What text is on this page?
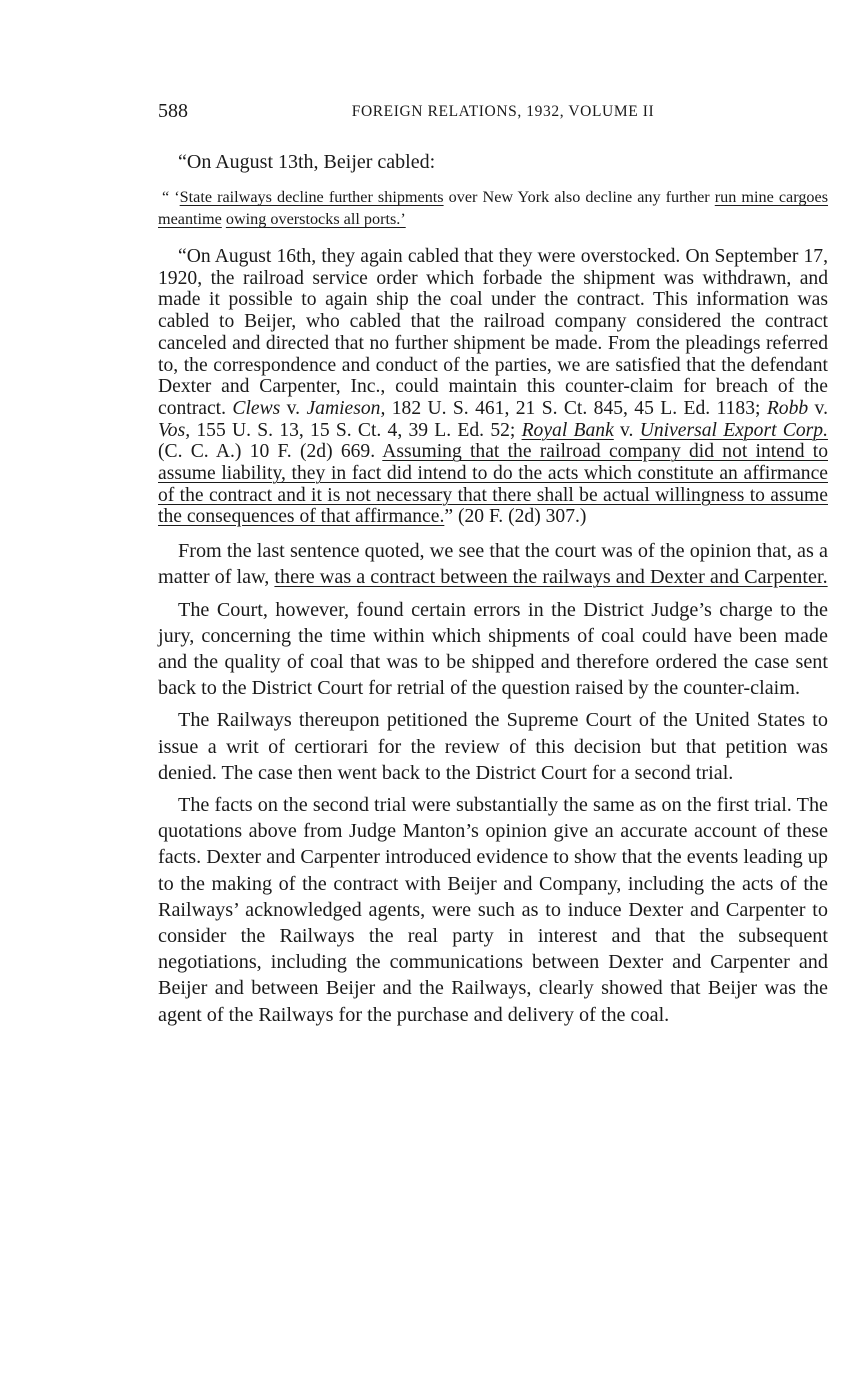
588	FOREIGN RELATIONS, 1932, VOLUME II

“On August 13th, Beijer cabled:

“ ‘State railways decline further shipments over New York also decline any further run mine cargoes meantime owing overstocks all ports.’

“On August 16th, they again cabled that they were overstocked. On September 17, 1920, the railroad service order which forbade the shipment was withdrawn, and made it possible to again ship the coal under the contract. This information was cabled to Beijer, who cabled that the railroad company considered the contract canceled and directed that no further shipment be made. From the pleadings referred to, the correspondence and conduct of the parties, we are satisfied that the defendant Dexter and Carpenter, Inc., could maintain this counter-claim for breach of the contract. Clews v. Jamieson, 182 U. S. 461, 21 S. Ct. 845, 45 L. Ed. 1183; Robb v. Vos, 155 U. S. 13, 15 S. Ct. 4, 39 L. Ed. 52; Royal Bank v. Universal Export Corp. (C. C. A.) 10 F. (2d) 669. Assuming that the railroad company did not intend to assume liability, they in fact did intend to do the acts which constitute an affirmance of the contract and it is not necessary that there shall be actual willingness to assume the consequences of that affirmance.” (20 F. (2d) 307.)

From the last sentence quoted, we see that the court was of the opinion that, as a matter of law, there was a contract between the railways and Dexter and Carpenter.

The Court, however, found certain errors in the District Judge’s charge to the jury, concerning the time within which shipments of coal could have been made and the quality of coal that was to be shipped and therefore ordered the case sent back to the District Court for retrial of the question raised by the counter-claim.

The Railways thereupon petitioned the Supreme Court of the United States to issue a writ of certiorari for the review of this decision but that petition was denied. The case then went back to the District Court for a second trial.

The facts on the second trial were substantially the same as on the first trial. The quotations above from Judge Manton’s opinion give an accurate account of these facts. Dexter and Carpenter introduced evidence to show that the events leading up to the making of the contract with Beijer and Company, including the acts of the Railways’ acknowledged agents, were such as to induce Dexter and Carpenter to consider the Railways the real party in interest and that the subsequent negotiations, including the communications between Dexter and Carpenter and Beijer and between Beijer and the Railways, clearly showed that Beijer was the agent of the Railways for the purchase and delivery of the coal.
